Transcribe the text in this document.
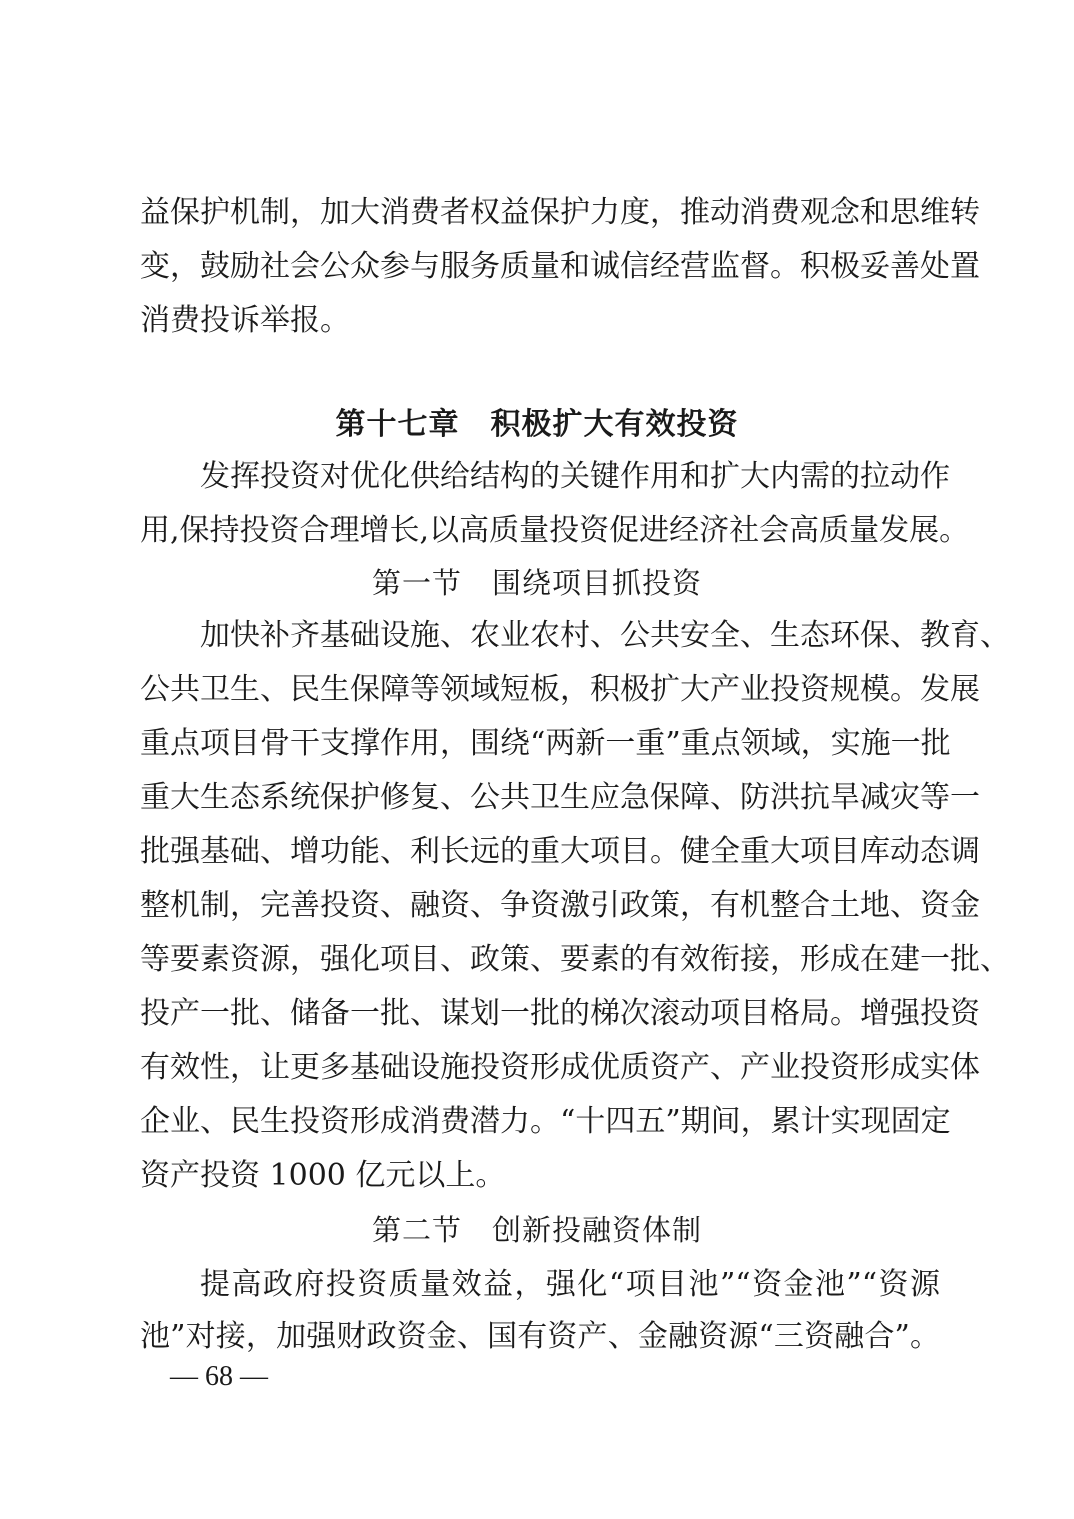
益保护机制，加大消费者权益保护力度，推动消费观念和思维转
变，鼓励社会公众参与服务质量和诚信经营监督。积极妥善处置
消费投诉举报。
第十七章　积极扩大有效投资
发挥投资对优化供给结构的关键作用和扩大内需的拉动作
用,保持投资合理增长,以高质量投资促进经济社会高质量发展。
第一节　围绕项目抓投资
加快补齐基础设施、农业农村、公共安全、生态环保、教育、
公共卫生、民生保障等领域短板，积极扩大产业投资规模。发展
重点项目骨干支撑作用，围绕“两新一重”重点领域，实施一批
重大生态系统保护修复、公共卫生应急保障、防洪抗旱减灾等一
批强基础、增功能、利长远的重大项目。健全重大项目库动态调
整机制，完善投资、融资、争资激引政策，有机整合土地、资金
等要素资源，强化项目、政策、要素的有效衔接，形成在建一批、
投产一批、储备一批、谋划一批的梯次滚动项目格局。增强投资
有效性，让更多基础设施投资形成优质资产、产业投资形成实体
企业、民生投资形成消费潜力。“十四五”期间，累计实现固定
资产投资 1000 亿元以上。
第二节　创新投融资体制
提高政府投资质量效益，强化“项目池”“资金池”“资源
池”对接，加强财政资金、国有资产、金融资源“三资融合”。
— 68 —
